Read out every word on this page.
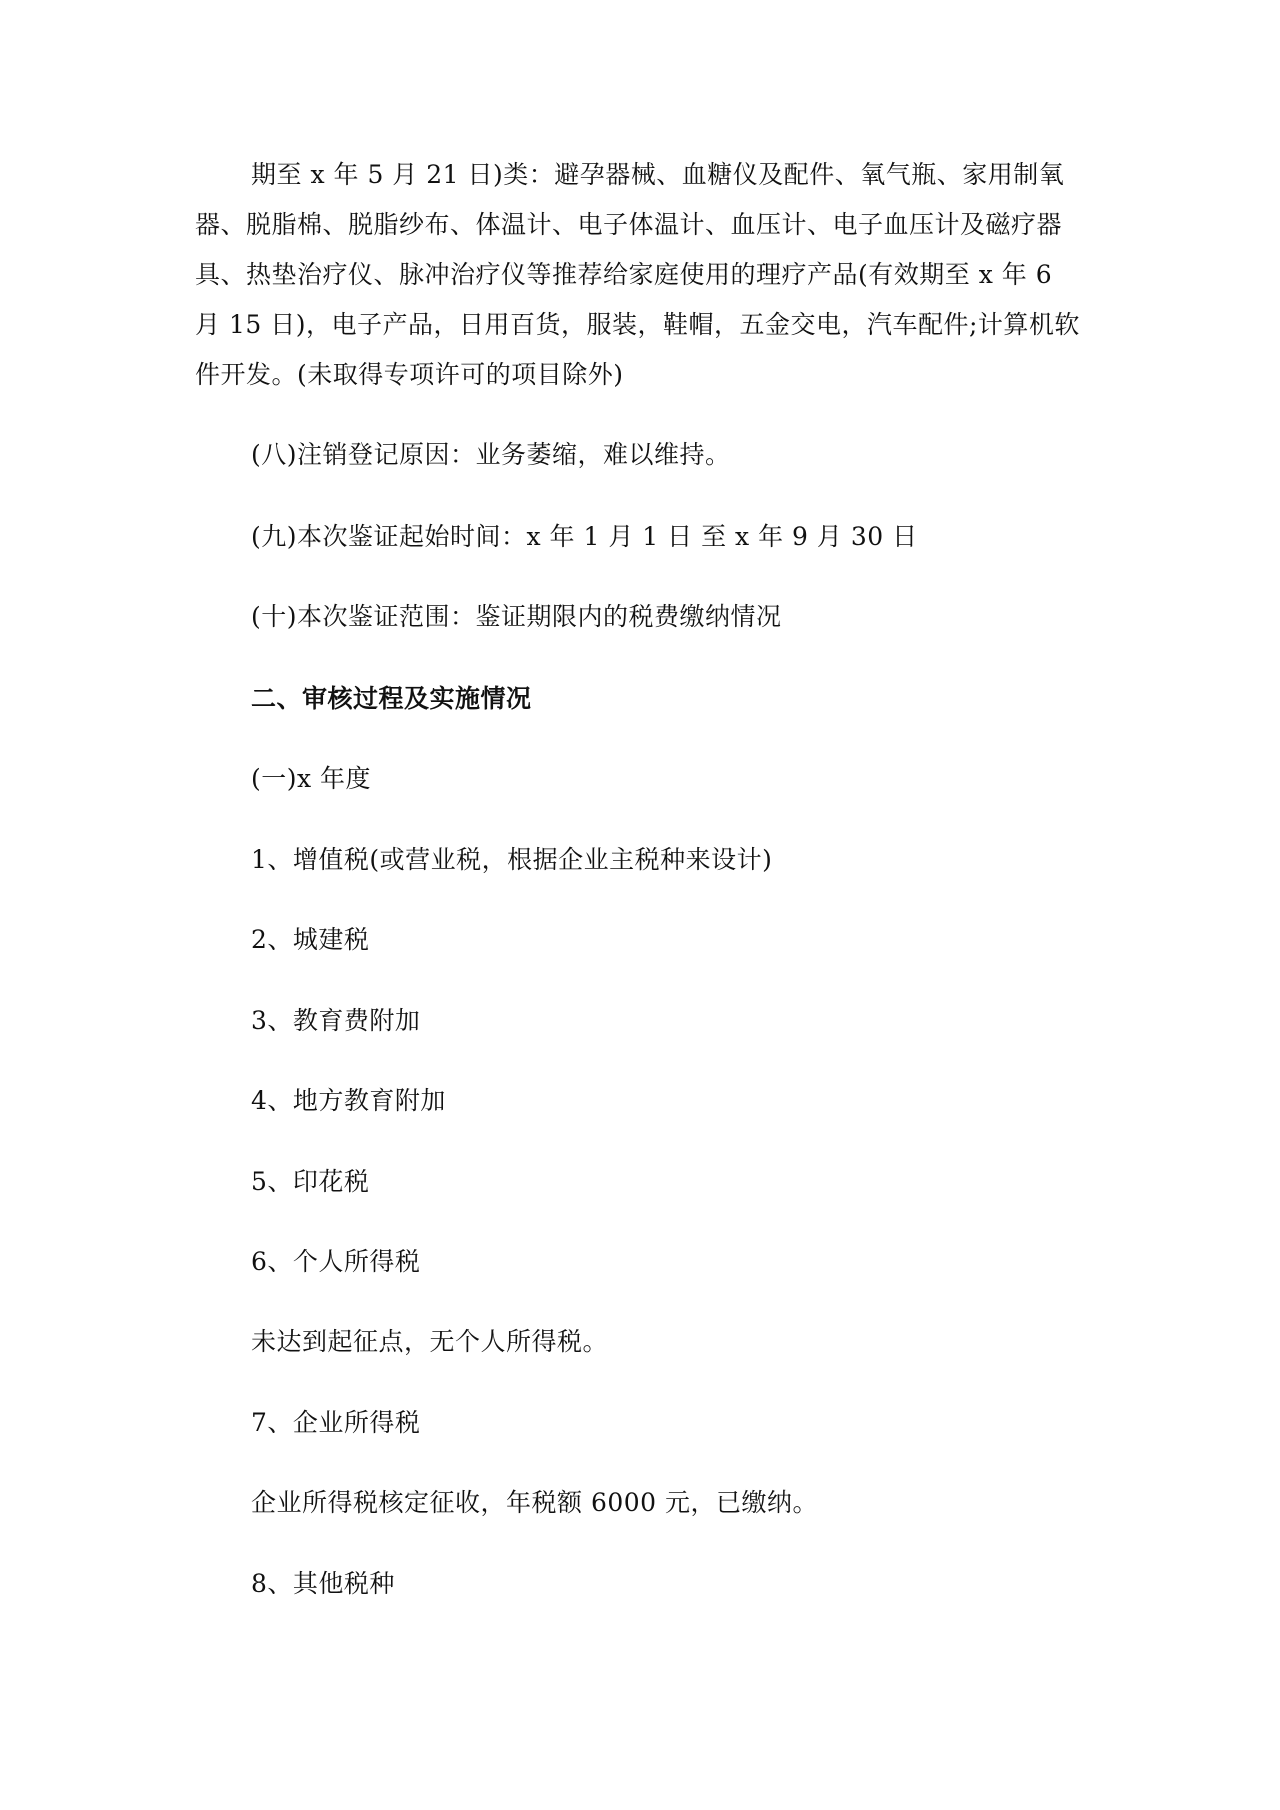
期至 x 年 5 月 21 日)类：避孕器械、血糖仪及配件、氧气瓶、家用制氧器、脱脂棉、脱脂纱布、体温计、电子体温计、血压计、电子血压计及磁疗器具、热垫治疗仪、脉冲治疗仪等推荐给家庭使用的理疗产品(有效期至 x 年 6 月 15 日)，电子产品，日用百货，服装，鞋帽，五金交电，汽车配件;计算机软件开发。(未取得专项许可的项目除外)

(八)注销登记原因：业务萎缩，难以维持。

(九)本次鉴证起始时间：x 年 1 月 1 日 至 x 年 9 月 30 日

(十)本次鉴证范围：鉴证期限内的税费缴纳情况

二、审核过程及实施情况

(一)x 年度

1、增值税(或营业税，根据企业主税种来设计)

2、城建税

3、教育费附加

4、地方教育附加

5、印花税

6、个人所得税

未达到起征点，无个人所得税。

7、企业所得税

企业所得税核定征收，年税额 6000 元，已缴纳。

8、其他税种
